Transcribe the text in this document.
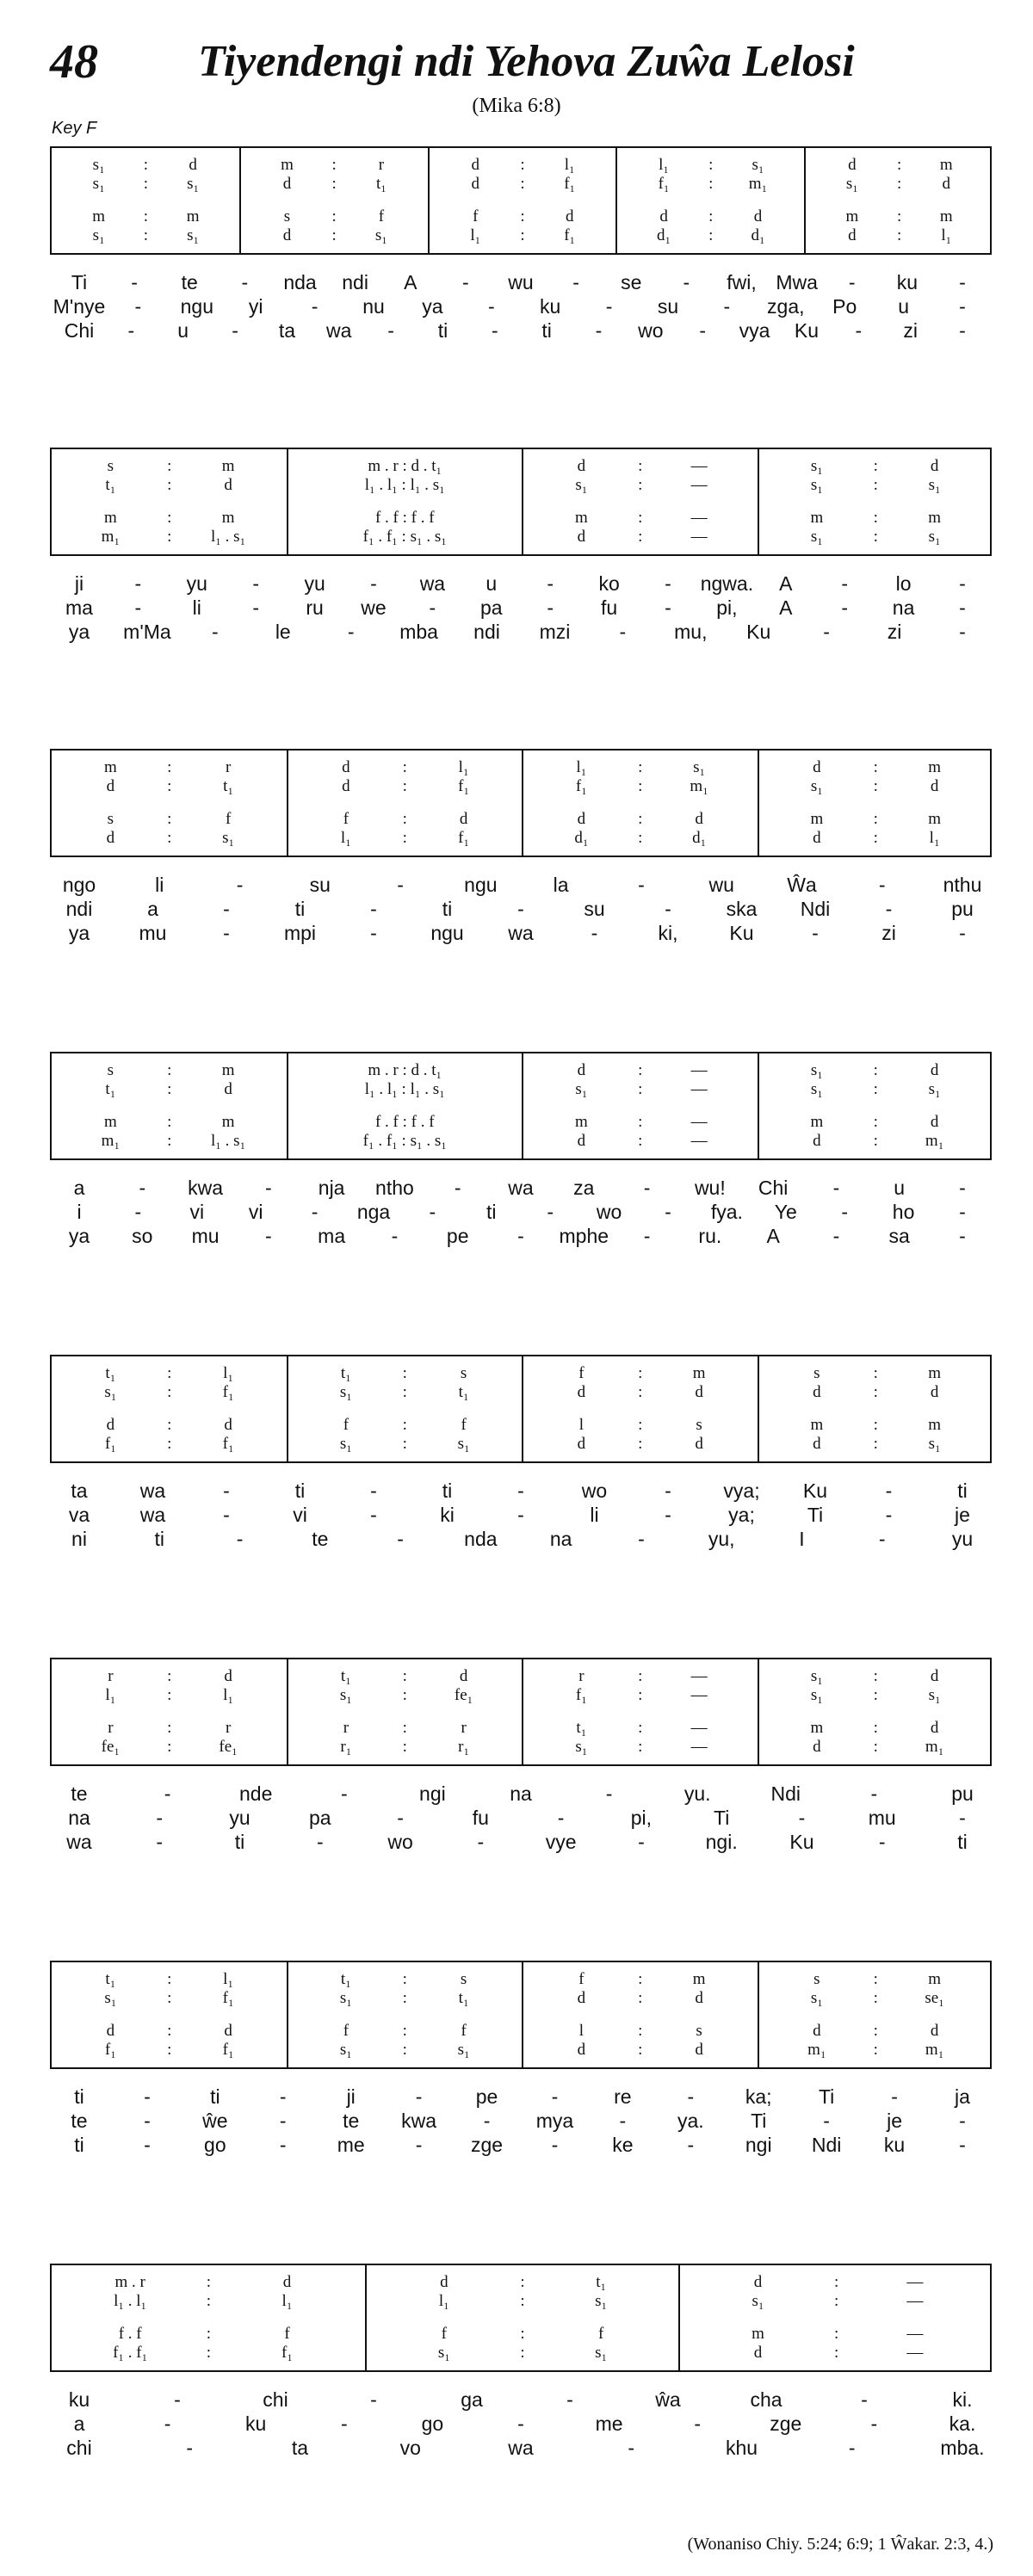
48 Tiyendengi ndi Yehova Zuŵa Lelosi
(Mika 6:8)
Key F
s₁	:	d	m	:	r	d	:	l₁	l₁	:	s₁	d	:	m
s₁	:	s₁	d	:	t₁	d	:	f₁	f₁	:	m₁	s₁	:	d
m	:	m	s	:	f	f	:	d	d	:	d	m	:	m
s₁	:	s₁	d	:	s₁	l₁	:	f₁	d₁	:	d₁	d	:	l₁
Ti	-	te	-	nda	ndi	A	-	wu	-	se	-	fwi, Mwa	-	ku	-
M'nye	-	ngu	yi	-	nu	ya	-	ku	-	su	-	zga,	Po	u	-
Chi	-	u	-	ta	wa	-	ti	-	ti	-	wo	-	vya	Ku	-	zi	-
s	:	m	m . r : d . t₁	d	:	—	s₁	:	d
t₁	:	d	l₁ . l₁ : l₁ . s₁	s₁	:	—	s₁	:	s₁
m	:	m	f . f : f . f	m	:	—	m	:	m
m₁	:	l₁ . s₁	f₁ . f₁ : s₁ . s₁	d	:	—	s₁	:	s₁
ji	-	yu	-	yu	-	wa	u	-	ko	-	ngwa.	A	-	lo	-
ma	-	li	-	ru	we	-	pa	-	fu	-	pi,	A	-	na	-
ya	m'Ma	-	le	-	mba	ndi	mzi	-	mu,	Ku	-	zi	-
m	:	r	d	:	l₁	l₁	:	s₁	d	:	m
d	:	t₁	d	:	f₁	f₁	:	m₁	s₁	:	d
s	:	f	f	:	d	d	:	d	m	:	m
d	:	s₁	l₁	:	f₁	d₁	:	d₁	d	:	l₁
ngo	li	-	su	-	ngu	la	-	wu	Ŵa	-	nthu
ndi	a	-	ti	-	ti	-	su	-	ska	Ndi	-	pu
ya	mu	-	mpi	-	ngu	wa	-	ki,	Ku	-	zi	-
s	:	m	m . r : d . t₁	d	:	—	s₁	:	d
t₁	:	d	l₁ . l₁ : l₁ . s₁	s₁	:	—	s₁	:	s₁
m	:	m	f . f : f . f	m	:	—	m	:	d
m₁	:	l₁ . s₁	f₁ . f₁ : s₁ . s₁	d	:	—	d	:	m₁
a	-	kwa	-	nja	ntho	-	wa	za	-	wu!	Chi	-	u	-
i	-	vi	vi	-	nga	-	ti	-	wo	-	fya.	Ye	-	ho	-
ya	so	mu	-	ma	-	pe	-	mphe	-	ru.	A	-	sa	-
t₁	:	l₁	t₁	:	s	f	:	m	s	:	m
s₁	:	f₁	s₁	:	t₁	d	:	d	d	:	d
d	:	d	f	:	f	l	:	s	m	:	m
f₁	:	f₁	s₁	:	s₁	d	:	d	d	:	s₁
ta	wa	-	ti	-	ti	-	wo	-	vya;	Ku	-	ti
va	wa	-	vi	-	ki	-	li	-	ya;	Ti	-	je
ni	ti	-	te	-	nda	na	-	yu,	I	-	yu
r	:	d	t₁	:	d	r	:	—	s₁	:	d
l₁	:	l₁	s₁	:	fe₁	f₁	:	—	s₁	:	s₁
r	:	r	r	:	r	t₁	:	—	m	:	d
fe₁	:	fe₁	r₁	:	r₁	s₁	:	—	d	:	m₁
te	-	nde	-	ngi	na	-	yu.	Ndi	-	pu
na	-	yu	pa	-	fu	-	pi,	Ti	-	mu	-
wa	-	ti	-	wo	-	vye	-	ngi.	Ku	-	ti
t₁	:	l₁	t₁	:	s	f	:	m	s	:	m
s₁	:	f₁	s₁	:	t₁	d	:	d	s₁	:	se₁
d	:	d	f	:	f	l	:	s	d	:	d
f₁	:	f₁	s₁	:	s₁	d	:	d	m₁	:	m₁
ti	-	ti	-	ji	-	pe	-	re	-	ka;	Ti	-	ja
te	-	ŵe	-	te	kwa	-	mya	-	ya.	Ti	-	je	-
ti	-	go	-	me	-	zge	-	ke	-	ngi	Ndi	ku	-
m . r	:	d	d	:	t₁	d	:	—
l₁ . l₁	:	l₁	l₁	:	s₁	s₁	:	—
f . f	:	f	f	:	f	m	:	—
f₁ . f₁	:	f₁	s₁	:	s₁	d	:	—
ku	-	chi	-	ga	-	ŵa	cha	-	ki.
a	-	ku	-	go	-	me	-	zge	-	ka.
chi	-	ta	vo	wa	-	khu	-	mba.
(Wonaniso Chiy. 5:24; 6:9; 1 Ŵakar. 2:3, 4.)
